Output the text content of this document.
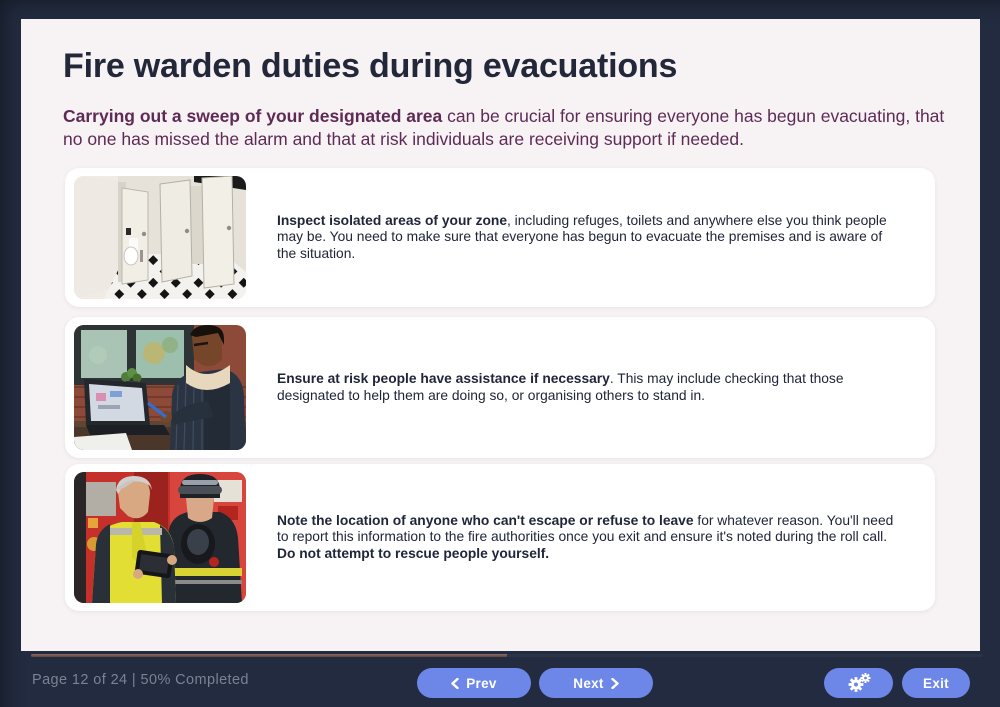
Fire warden duties during evacuations

Carrying out a sweep of your designated area can be crucial for ensuring everyone has begun evacuating, that no one has missed the alarm and that at risk individuals are receiving support if needed.

Inspect isolated areas of your zone, including refuges, toilets and anywhere else you think people may be. You need to make sure that everyone has begun to evacuate the premises and is aware of the situation.

Ensure at risk people have assistance if necessary. This may include checking that those designated to help them are doing so, or organising others to stand in.

Note the location of anyone who can't escape or refuse to leave for whatever reason. You'll need to report this information to the fire authorities once you exit and ensure it's noted during the roll call. Do not attempt to rescue people yourself.

Page 12 of 24 | 50% Completed	Prev	Next	Exit
